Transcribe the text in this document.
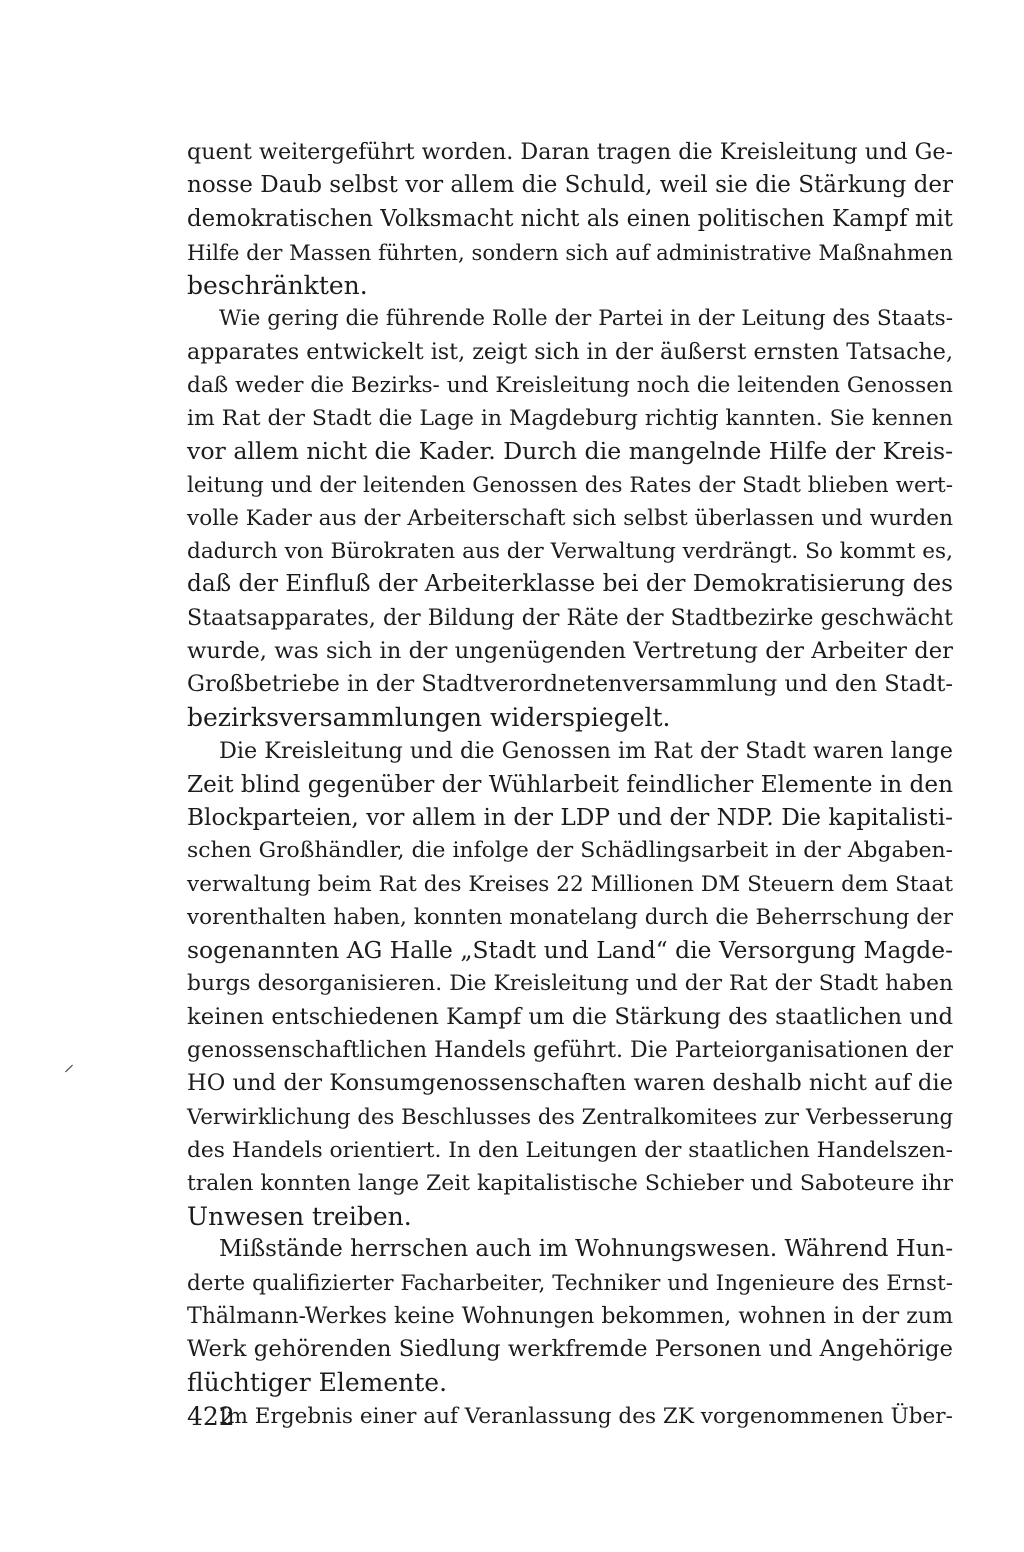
quent weitergeführt worden. Daran tragen die Kreisleitung und Ge-
nosse Daub selbst vor allem die Schuld, weil sie die Stärkung der
demokratischen Volksmacht nicht als einen politischen Kampf mit
Hilfe der Massen führten, sondern sich auf administrative Maßnahmen
beschränkten.
Wie gering die führende Rolle der Partei in der Leitung des Staats-
apparates entwickelt ist, zeigt sich in der äußerst ernsten Tatsache,
daß weder die Bezirks- und Kreisleitung noch die leitenden Genossen
im Rat der Stadt die Lage in Magdeburg richtig kannten. Sie kennen
vor allem nicht die Kader. Durch die mangelnde Hilfe der Kreis-
leitung und der leitenden Genossen des Rates der Stadt blieben wert-
volle Kader aus der Arbeiterschaft sich selbst überlassen und wurden
dadurch von Bürokraten aus der Verwaltung verdrängt. So kommt es,
daß der Einfluß der Arbeiterklasse bei der Demokratisierung des
Staatsapparates, der Bildung der Räte der Stadtbezirke geschwächt
wurde, was sich in der ungenügenden Vertretung der Arbeiter der
Großbetriebe in der Stadtverordnetenversammlung und den Stadt-
bezirksversammlungen widerspiegelt.
Die Kreisleitung und die Genossen im Rat der Stadt waren lange
Zeit blind gegenüber der Wühlarbeit feindlicher Elemente in den
Blockparteien, vor allem in der LDP und der NDP. Die kapitalisti-
schen Großhändler, die infolge der Schädlingsarbeit in der Abgaben-
verwaltung beim Rat des Kreises 22 Millionen DM Steuern dem Staat
vorenthalten haben, konnten monatelang durch die Beherrschung der
sogenannten AG Halle „Stadt und Land“ die Versorgung Magde-
burgs desorganisieren. Die Kreisleitung und der Rat der Stadt haben
keinen entschiedenen Kampf um die Stärkung des staatlichen und
genossenschaftlichen Handels geführt. Die Parteiorganisationen der
HO und der Konsumgenossenschaften waren deshalb nicht auf die
Verwirklichung des Beschlusses des Zentralkomitees zur Verbesserung
des Handels orientiert. In den Leitungen der staatlichen Handelszen-
tralen konnten lange Zeit kapitalistische Schieber und Saboteure ihr
Unwesen treiben.
Mißstände herrschen auch im Wohnungswesen. Während Hun-
derte qualifizierter Facharbeiter, Techniker und Ingenieure des Ernst-
Thälmann-Werkes keine Wohnungen bekommen, wohnen in der zum
Werk gehörenden Siedlung werkfremde Personen und Angehörige
flüchtiger Elemente.
Im Ergebnis einer auf Veranlassung des ZK vorgenommenen Über-
422
